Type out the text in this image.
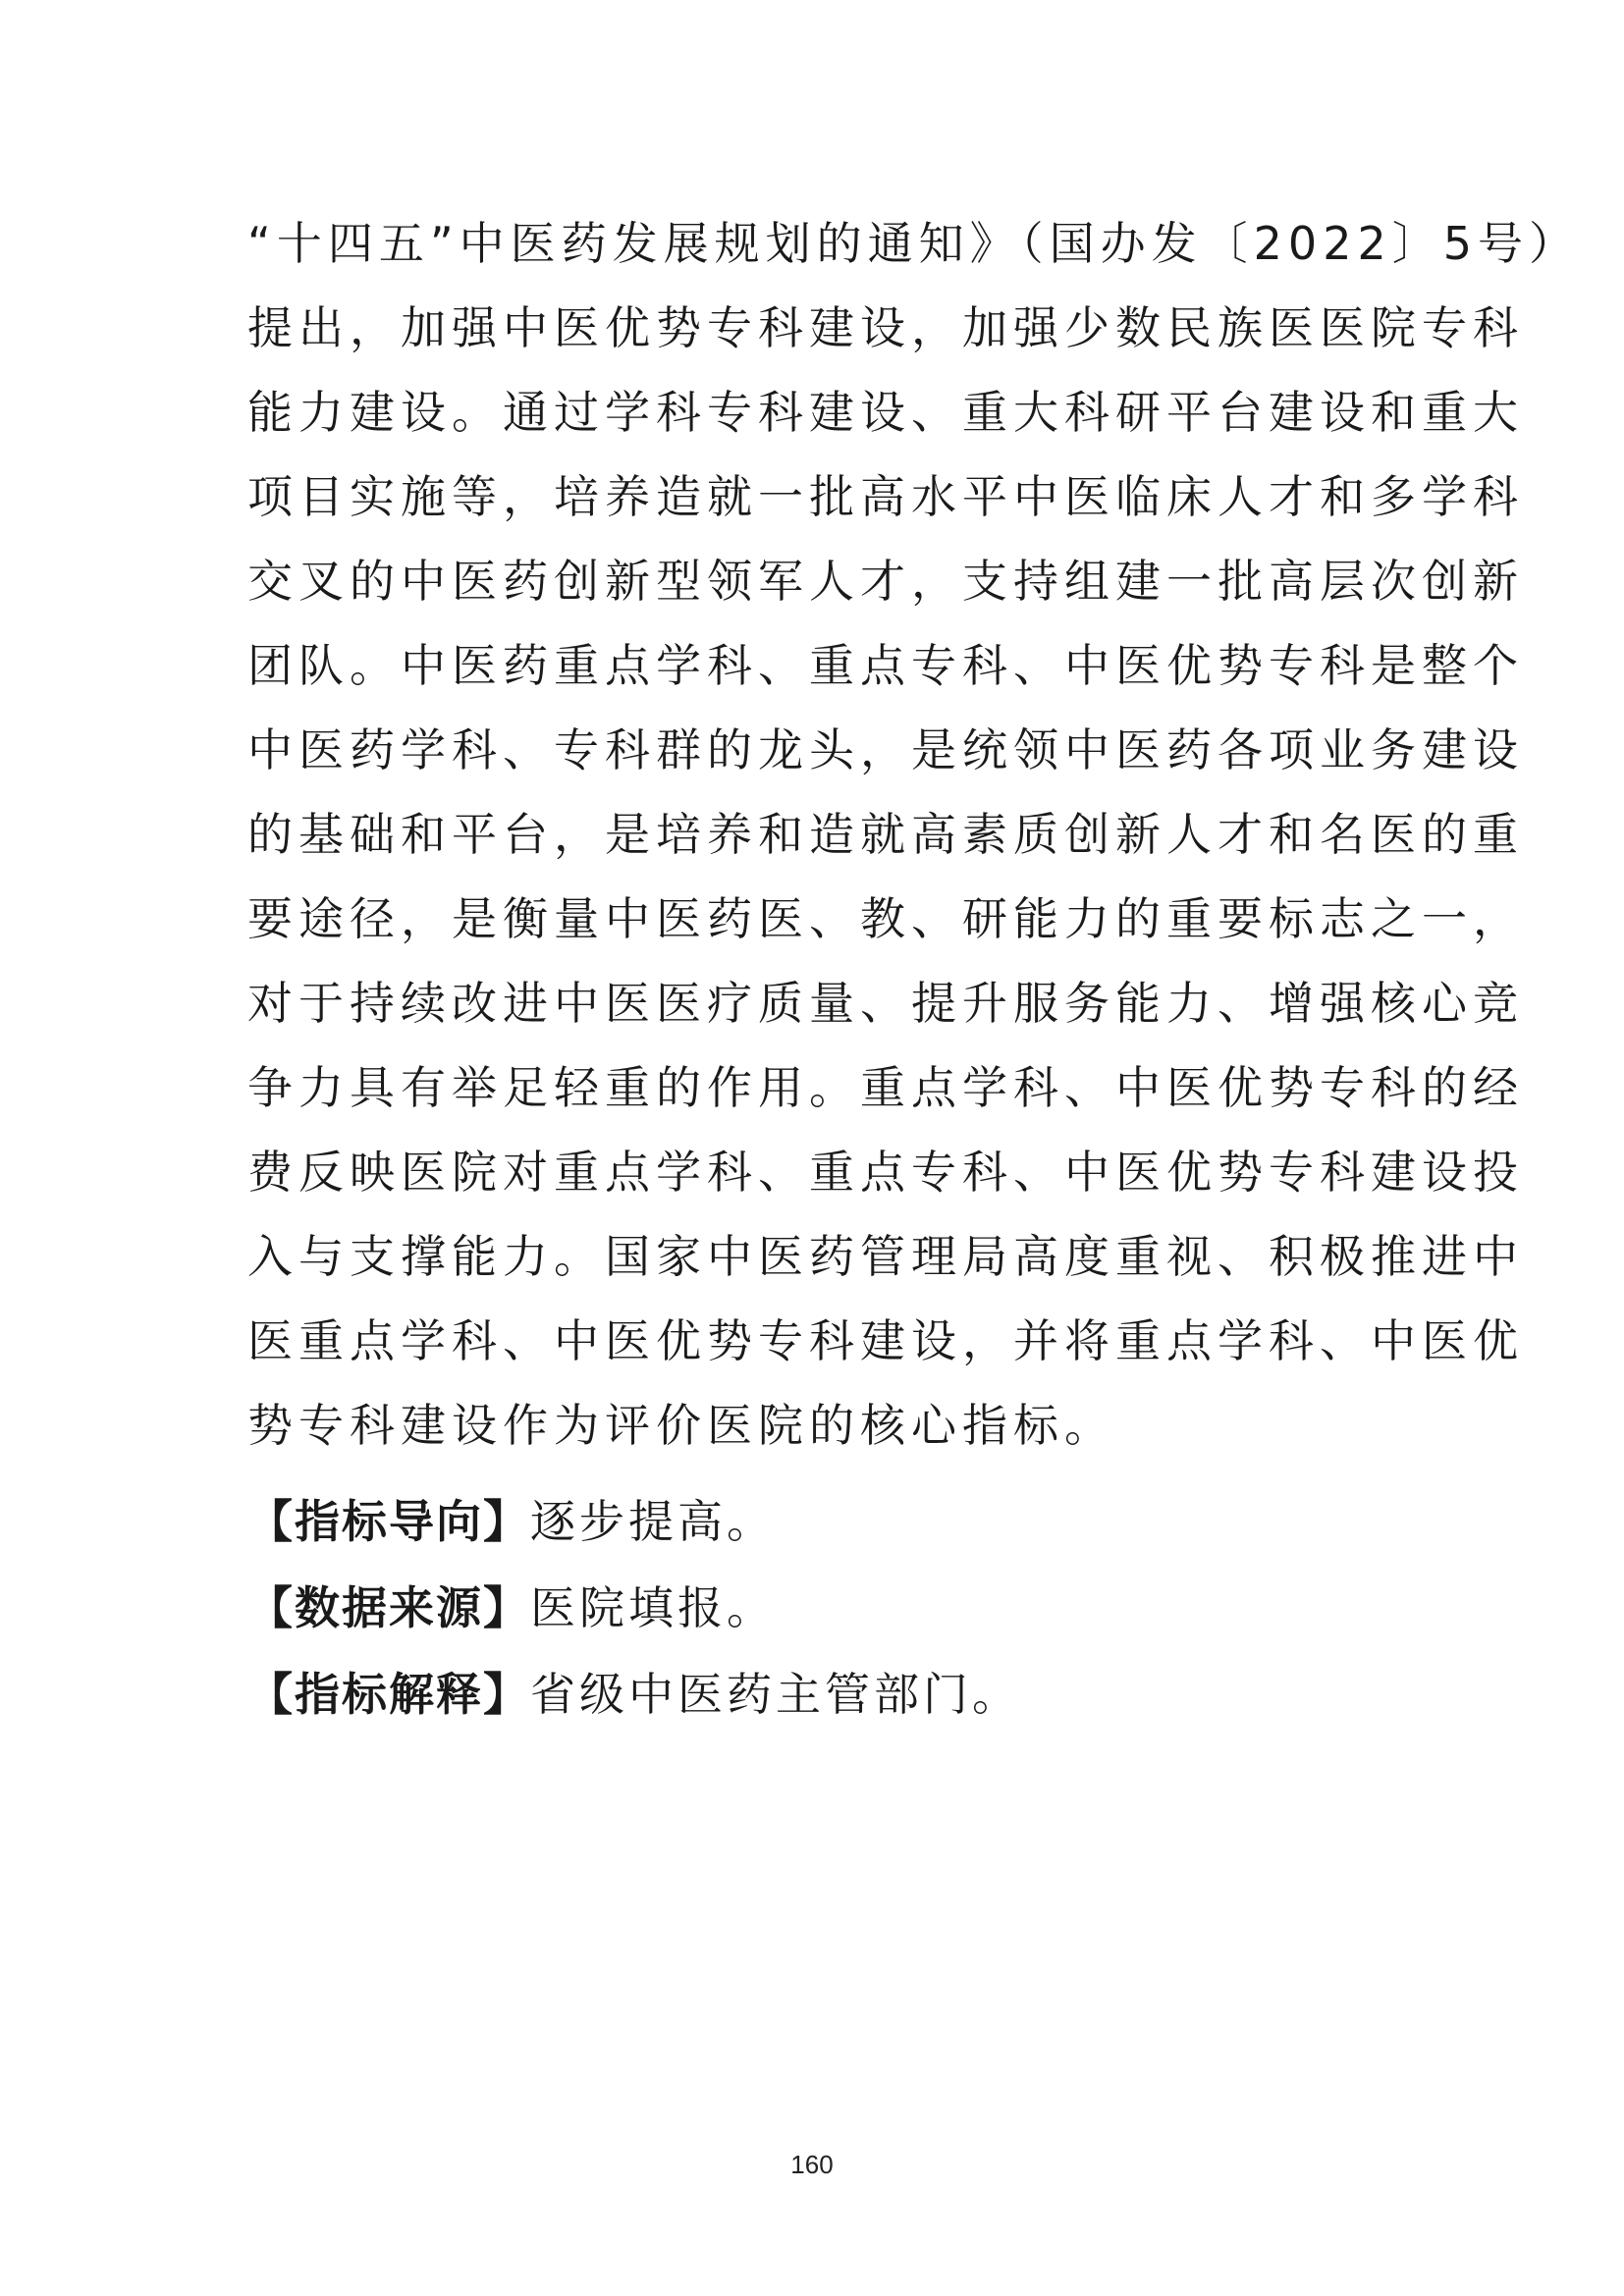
“十四五”中医药发展规划的通知》（国办发〔2022〕5号）
提出，加强中医优势专科建设，加强少数民族医医院专科
能力建设。通过学科专科建设、重大科研平台建设和重大
项目实施等，培养造就一批高水平中医临床人才和多学科
交叉的中医药创新型领军人才，支持组建一批高层次创新
团队。中医药重点学科、重点专科、中医优势专科是整个
中医药学科、专科群的龙头，是统领中医药各项业务建设
的基础和平台，是培养和造就高素质创新人才和名医的重
要途径，是衡量中医药医、教、研能力的重要标志之一，
对于持续改进中医医疗质量、提升服务能力、增强核心竞
争力具有举足轻重的作用。重点学科、中医优势专科的经
费反映医院对重点学科、重点专科、中医优势专科建设投
入与支撑能力。国家中医药管理局高度重视、积极推进中
医重点学科、中医优势专科建设，并将重点学科、中医优
势专科建设作为评价医院的核心指标。
【指标导向】逐步提高。
【数据来源】医院填报。
【指标解释】省级中医药主管部门。
160
